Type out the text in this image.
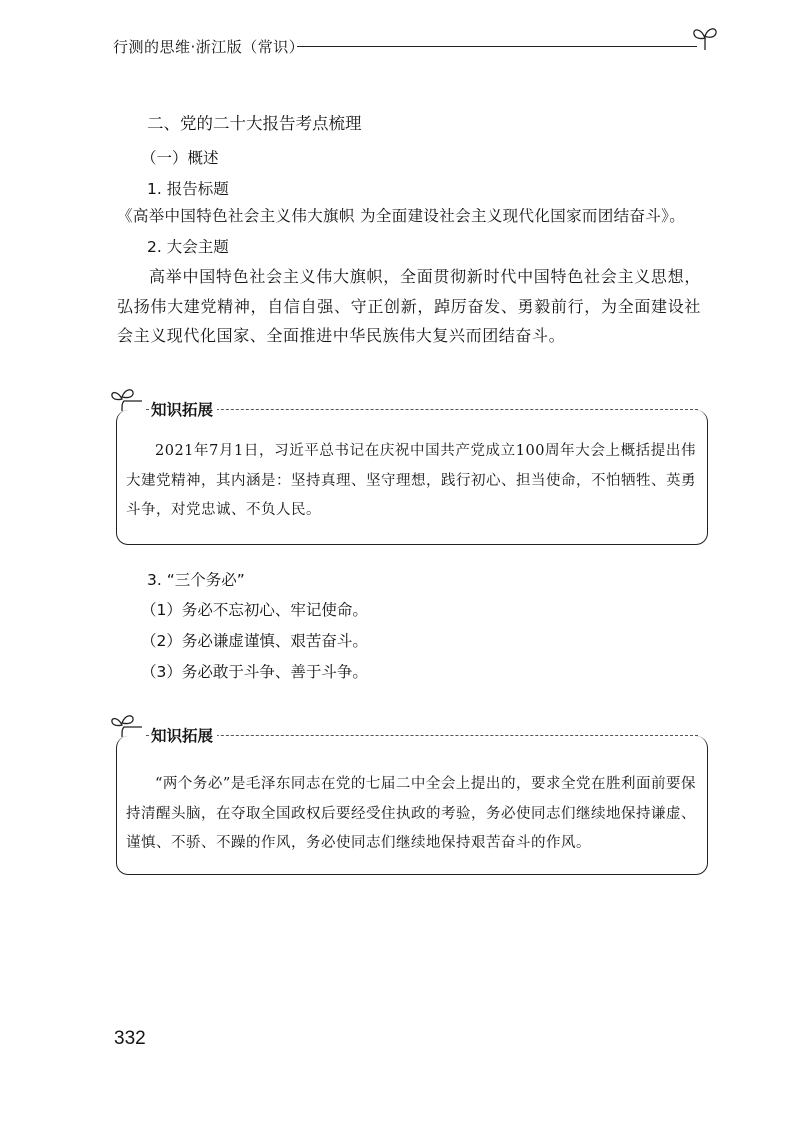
行测的思维·浙江版（常识）
二、党的二十大报告考点梳理
（一）概述
1. 报告标题
《高举中国特色社会主义伟大旗帜 为全面建设社会主义现代化国家而团结奋斗》。
2. 大会主题
高举中国特色社会主义伟大旗帜，全面贯彻新时代中国特色社会主义思想，弘扬伟大建党精神，自信自强、守正创新，踔厉奋发、勇毅前行，为全面建设社会主义现代化国家、全面推进中华民族伟大复兴而团结奋斗。
知识拓展
2021年7月1日，习近平总书记在庆祝中国共产党成立100周年大会上概括提出伟大建党精神，其内涵是：坚持真理、坚守理想，践行初心、担当使命，不怕牺牲、英勇斗争，对党忠诚、不负人民。
3. “三个务必”
（1）务必不忘初心、牢记使命。
（2）务必谦虚谨慎、艰苦奋斗。
（3）务必敢于斗争、善于斗争。
知识拓展
“两个务必”是毛泽东同志在党的七届二中全会上提出的，要求全党在胜利面前要保持清醒头脑，在夺取全国政权后要经受住执政的考验，务必使同志们继续地保持谦虚、谨慎、不骄、不躁的作风，务必使同志们继续地保持艰苦奋斗的作风。
332
